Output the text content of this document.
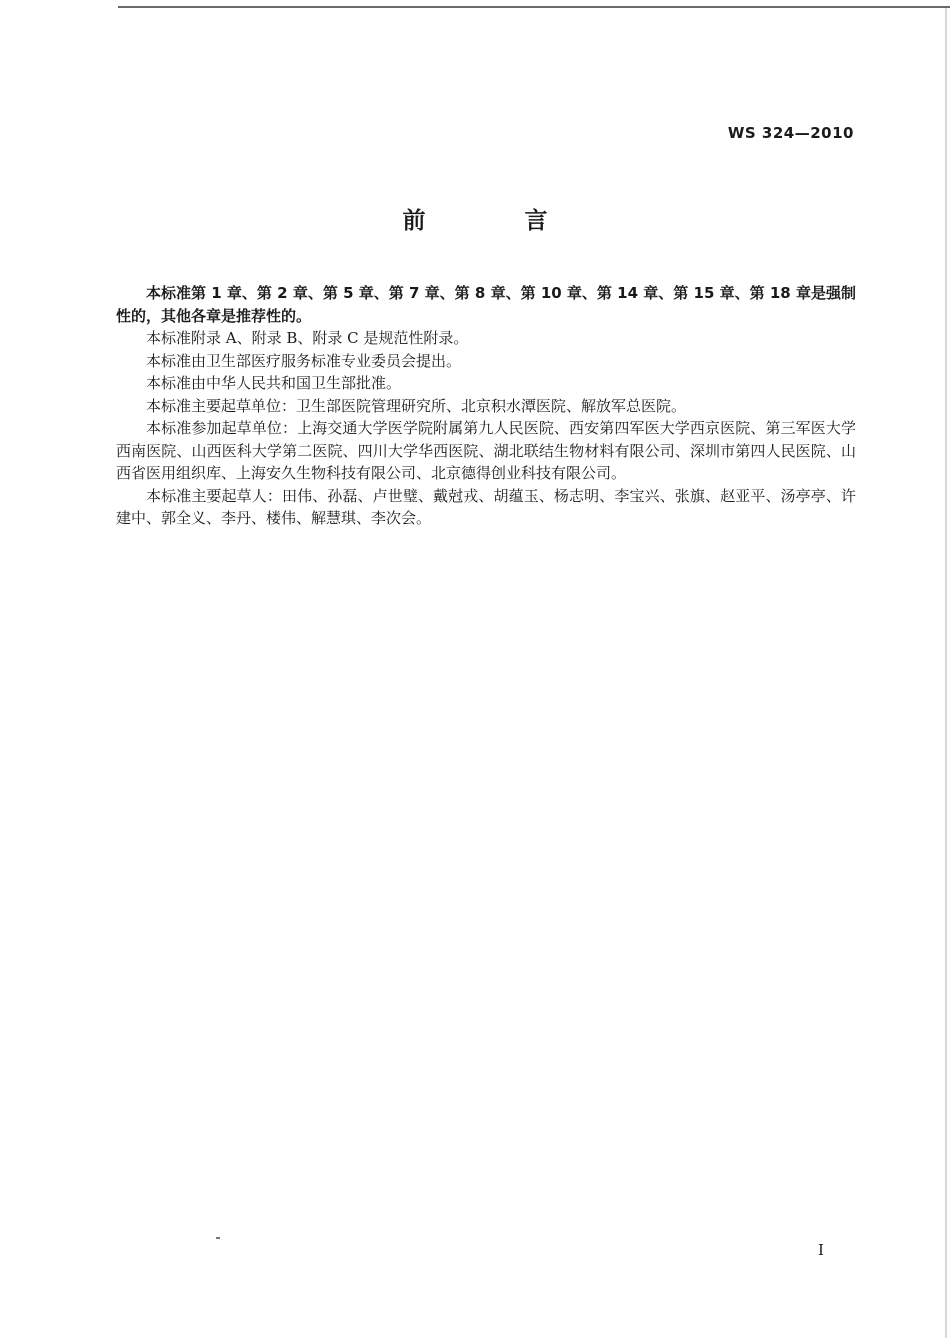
WS 324—2010
前　言

本标准第 1 章、第 2 章、第 5 章、第 7 章、第 8 章、第 10 章、第 14 章、第 15 章、第 18 章是强制性的，其他各章是推荐性的。

本标准附录 A、附录 B、附录 C 是规范性附录。

本标准由卫生部医疗服务标准专业委员会提出。

本标准由中华人民共和国卫生部批准。

本标准主要起草单位：卫生部医院管理研究所、北京积水潭医院、解放军总医院。

本标准参加起草单位：上海交通大学医学院附属第九人民医院、西安第四军医大学西京医院、第三军医大学西南医院、山西医科大学第二医院、四川大学华西医院、湖北联结生物材料有限公司、深圳市第四人民医院、山西省医用组织库、上海安久生物科技有限公司、北京德得创业科技有限公司。

本标准主要起草人：田伟、孙磊、卢世璧、戴尅戎、胡蕴玉、杨志明、李宝兴、张旗、赵亚平、汤亭亭、许建中、郭全义、李丹、楼伟、解慧琪、李次会。

I
